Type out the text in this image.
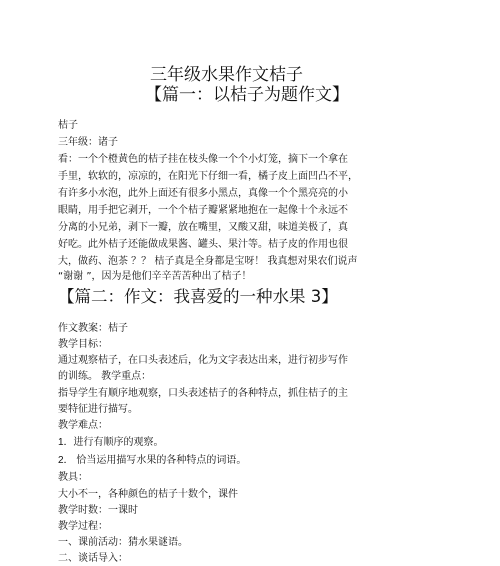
三年级水果作文桔子
【篇一：以桔子为题作文】
桔子
三年级：诸子
看：一个个橙黄色的桔子挂在枝头像一个个小灯笼，摘下一个拿在
手里，软软的，凉凉的，在阳光下仔细一看，橘子皮上面凹凸不平，
有许多小水泡，此外上面还有很多小黑点，真像一个个黑亮亮的小
眼睛，用手把它剥开，一个个桔子瓣紧紧地抱在一起像十个永远不
分离的小兄弟，剥下一瓣，放在嘴里，又酸又甜，味道美极了，真
好吃。此外桔子还能做成果酱、罐头、果汁等。桔子皮的作用也很
大，做药、泡茶 ？？ 桔子真是全身都是宝呀！ 我真想对果农们说声
“谢谢 ”，因为是他们辛辛苦苦种出了桔子！
【篇二：作文：我喜爱的一种水果 3】
作文教案：桔子
教学目标：
通过观察桔子，在口头表述后，化为文字表达出来，进行初步写作
的训练。 教学重点：
指导学生有顺序地观察，口头表述桔子的各种特点，抓住桔子的主
要特征进行描写。
教学难点：
1．进行有顺序的观察。
2． 恰当运用描写水果的各种特点的词语。
教具：
大小不一，各种颜色的桔子十数个，课件
教学时数：一课时
教学过程：
一、课前活动：猜水果谜语。
二、谈话导入：
